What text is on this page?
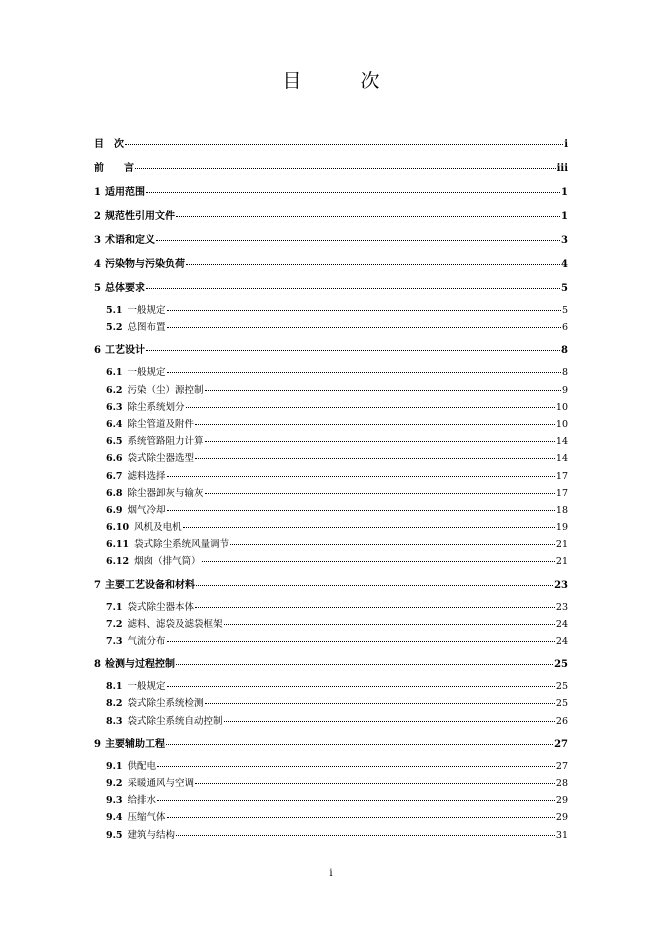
目　次
目　次	i
前　　言	iii
1 适用范围	1
2 规范性引用文件	1
3 术语和定义	3
4 污染物与污染负荷	4
5 总体要求	5
5.1 一般规定	5
5.2 总图布置	6
6 工艺设计	8
6.1 一般规定	8
6.2 污染（尘）源控制	9
6.3 除尘系统划分	10
6.4 除尘管道及附件	10
6.5 系统管路阻力计算	14
6.6 袋式除尘器选型	14
6.7 滤料选择	17
6.8 除尘器卸灰与输灰	17
6.9 烟气冷却	18
6.10 风机及电机	19
6.11 袋式除尘系统风量调节	21
6.12 烟囱（排气筒）	21
7 主要工艺设备和材料	23
7.1 袋式除尘器本体	23
7.2 滤料、滤袋及滤袋框架	24
7.3 气流分布	24
8 检测与过程控制	25
8.1 一般规定	25
8.2 袋式除尘系统检测	25
8.3 袋式除尘系统自动控制	26
9 主要辅助工程	27
9.1 供配电	27
9.2 采暖通风与空调	28
9.3 给排水	29
9.4 压缩气体	29
9.5 建筑与结构	31
i
